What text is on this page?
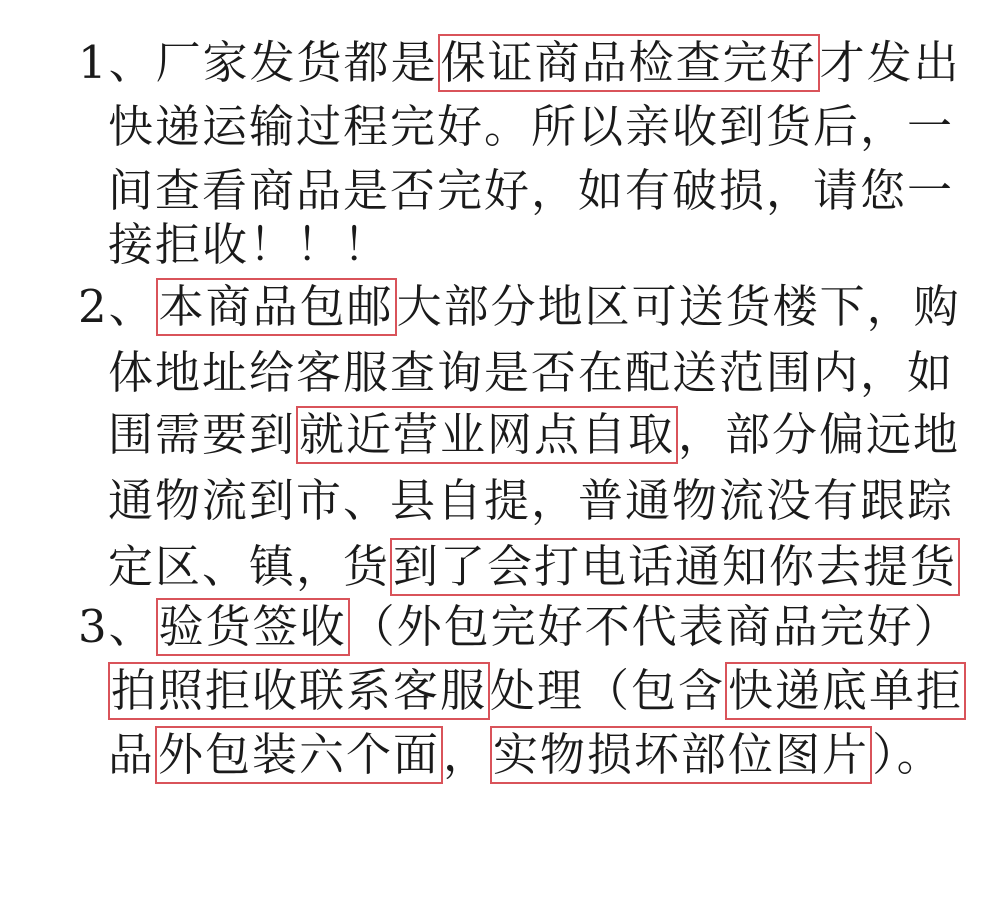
1、厂家发货都是保证商品检查完好才发出
快递运输过程完好。所以亲收到货后，一
间查看商品是否完好，如有破损，请您一
接拒收！！！
2、本商品包邮大部分地区可送货楼下，购
体地址给客服查询是否在配送范围内，如
围需要到就近营业网点自取，部分偏远地
通物流到市、县自提，普通物流没有跟踪
定区、镇，货到了会打电话通知你去提货
3、验货签收（外包完好不代表商品完好）
拍照拒收联系客服处理（包含快递底单拒
品外包装六个面，实物损坏部位图片）。
